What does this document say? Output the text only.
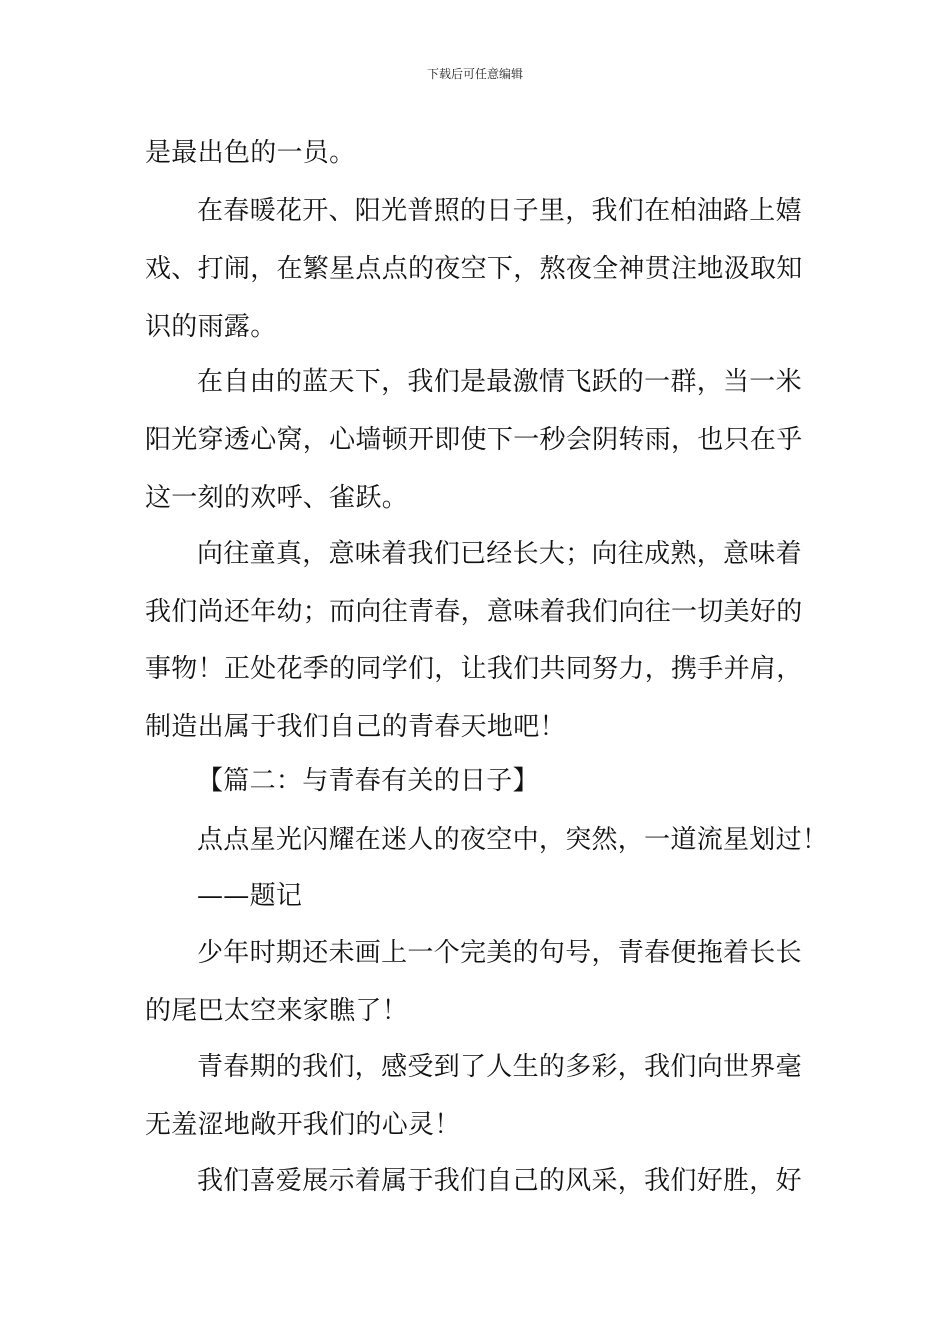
下载后可任意编辑
是最出色的一员。
在春暖花开、阳光普照的日子里，我们在柏油路上嬉
戏、打闹，在繁星点点的夜空下，熬夜全神贯注地汲取知
识的雨露。
在自由的蓝天下，我们是最激情飞跃的一群，当一米
阳光穿透心窝，心墙顿开即使下一秒会阴转雨，也只在乎
这一刻的欢呼、雀跃。
向往童真，意味着我们已经长大；向往成熟，意味着
我们尚还年幼；而向往青春，意味着我们向往一切美好的
事物！正处花季的同学们，让我们共同努力，携手并肩，
制造出属于我们自己的青春天地吧！
【篇二：与青春有关的日子】
点点星光闪耀在迷人的夜空中，突然，一道流星划过！
——题记
少年时期还未画上一个完美的句号，青春便拖着长长
的尾巴太空来家瞧了！
青春期的我们，感受到了人生的多彩，我们向世界毫
无羞涩地敞开我们的心灵！
我们喜爱展示着属于我们自己的风采，我们好胜，好
